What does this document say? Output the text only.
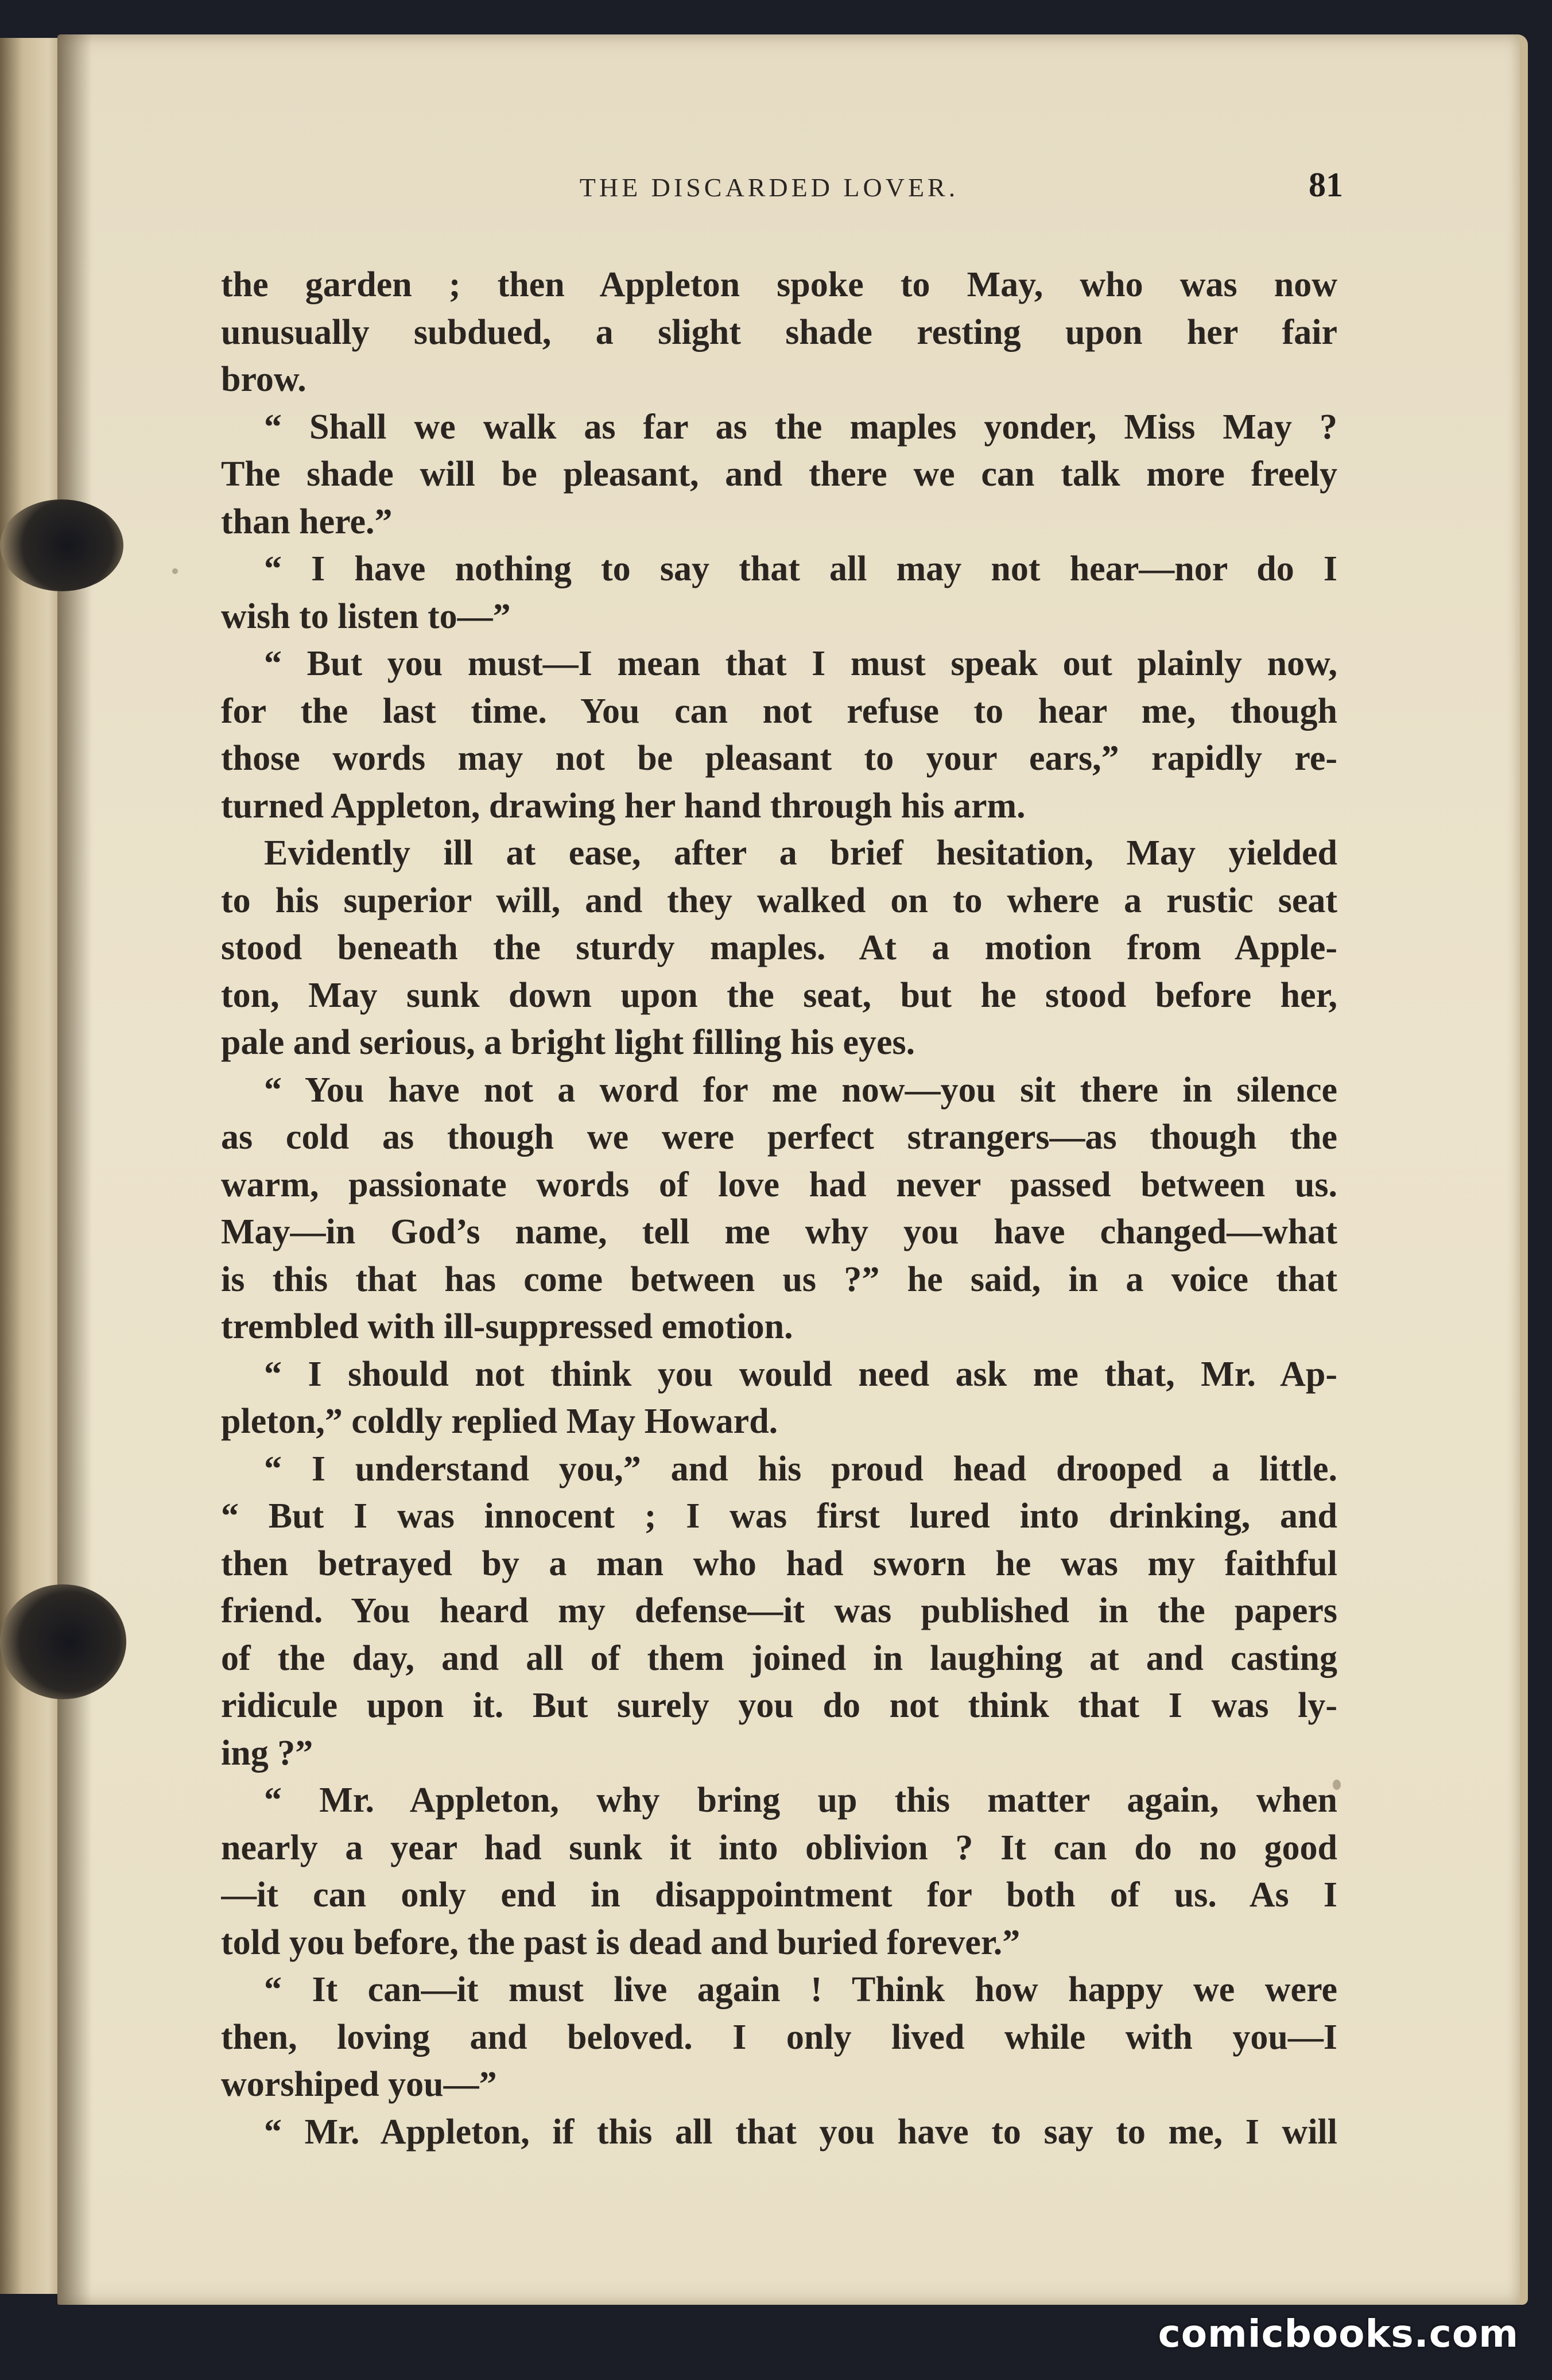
THE DISCARDED LOVER.	81
the garden ; then Appleton spoke to May, who was now
unusually subdued, a slight shade resting upon her fair
brow.
“ Shall we walk as far as the maples yonder, Miss May ?
The shade will be pleasant, and there we can talk more freely
than here.”
“ I have nothing to say that all may not hear—nor do I
wish to listen to—”
“ But you must—I mean that I must speak out plainly now,
for the last time. You can not refuse to hear me, though
those words may not be pleasant to your ears,” rapidly re-
turned Appleton, drawing her hand through his arm.
Evidently ill at ease, after a brief hesitation, May yielded
to his superior will, and they walked on to where a rustic seat
stood beneath the sturdy maples. At a motion from Apple-
ton, May sunk down upon the seat, but he stood before her,
pale and serious, a bright light filling his eyes.
“ You have not a word for me now—you sit there in silence
as cold as though we were perfect strangers—as though the
warm, passionate words of love had never passed between us.
May—in God’s name, tell me why you have changed—what
is this that has come between us ?” he said, in a voice that
trembled with ill-suppressed emotion.
“ I should not think you would need ask me that, Mr. Ap-
pleton,” coldly replied May Howard.
“ I understand you,” and his proud head drooped a little.
“ But I was innocent ; I was first lured into drinking, and
then betrayed by a man who had sworn he was my faithful
friend. You heard my defense—it was published in the papers
of the day, and all of them joined in laughing at and casting
ridicule upon it. But surely you do not think that I was ly-
ing ?”
“ Mr. Appleton, why bring up this matter again, when
nearly a year had sunk it into oblivion ? It can do no good
—it can only end in disappointment for both of us. As I
told you before, the past is dead and buried forever.”
“ It can—it must live again ! Think how happy we were
then, loving and beloved. I only lived while with you—I
worshiped you—”
“ Mr. Appleton, if this all that you have to say to me, I will
comicbooks.com
